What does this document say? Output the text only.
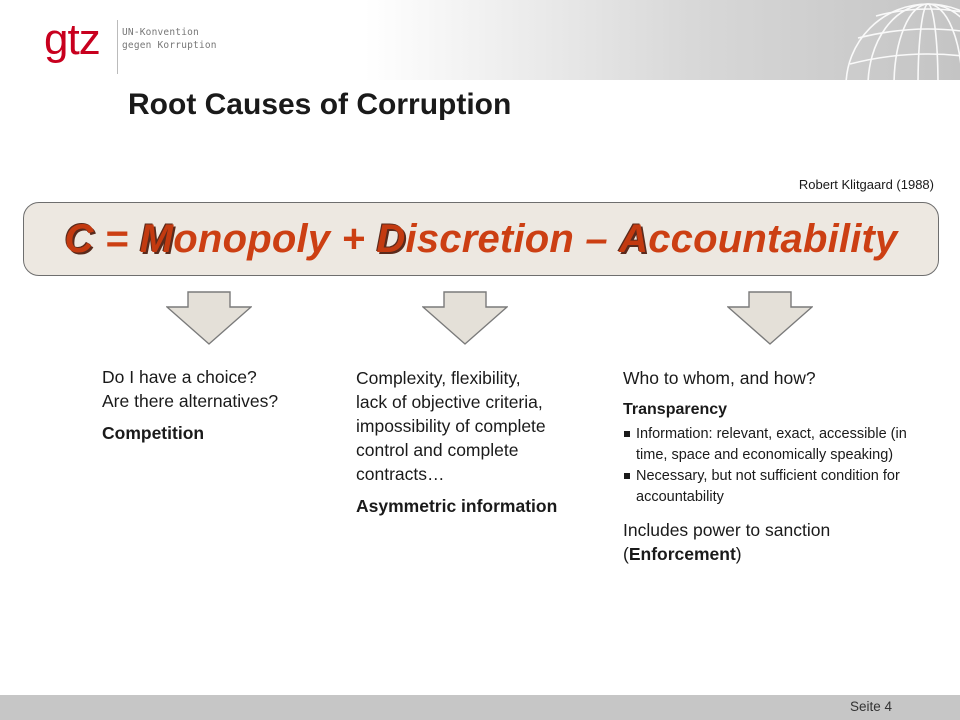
gtz UN-Konvention
gegen Korruption
Root Causes of Corruption
Robert Klitgaard (1988)
C = M onopoly + D iscretion – A ccountability

Do I have a choice?

Are there alternatives?

Competition

Complexity, flexibility,

lack of objective criteria,

impossibility of complete

control and complete

contracts…

Asymmetric information

Who to whom, and how?

Transparency

Information: relevant, exact, accessible (in time, space and economically speaking)
Necessary, but not sufficient condition for accountability

Includes power to sanction

(Enforcement)

Seite 4
